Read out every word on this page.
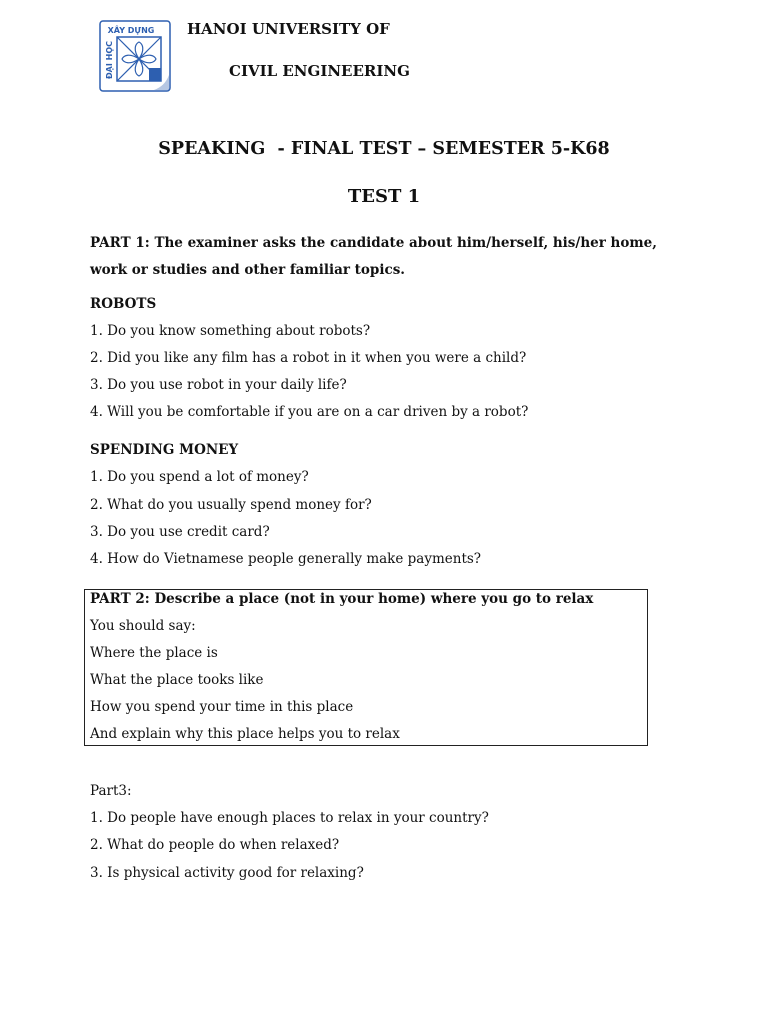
XÂY DỰNG
ĐẠI HỌC
HANOI UNIVERSITY OF
CIVIL ENGINEERING
SPEAKING  - FINAL TEST – SEMESTER 5-K68
TEST 1
PART 1: The examiner asks the candidate about him/herself, his/her home, work or studies and other familiar topics.
ROBOTS
1. Do you know something about robots?
2. Did you like any film has a robot in it when you were a child?
3. Do you use robot in your daily life?
4. Will you be comfortable if you are on a car driven by a robot?
SPENDING MONEY
1. Do you spend a lot of money?
2. What do you usually spend money for?
3. Do you use credit card?
4. How do Vietnamese people generally make payments?
PART 2: Describe a place (not in your home) where you go to relax
You should say:
Where the place is
What the place tooks like
How you spend your time in this place
And explain why this place helps you to relax
Part3:
1. Do people have enough places to relax in your country?
2. What do people do when relaxed?
3. Is physical activity good for relaxing?
